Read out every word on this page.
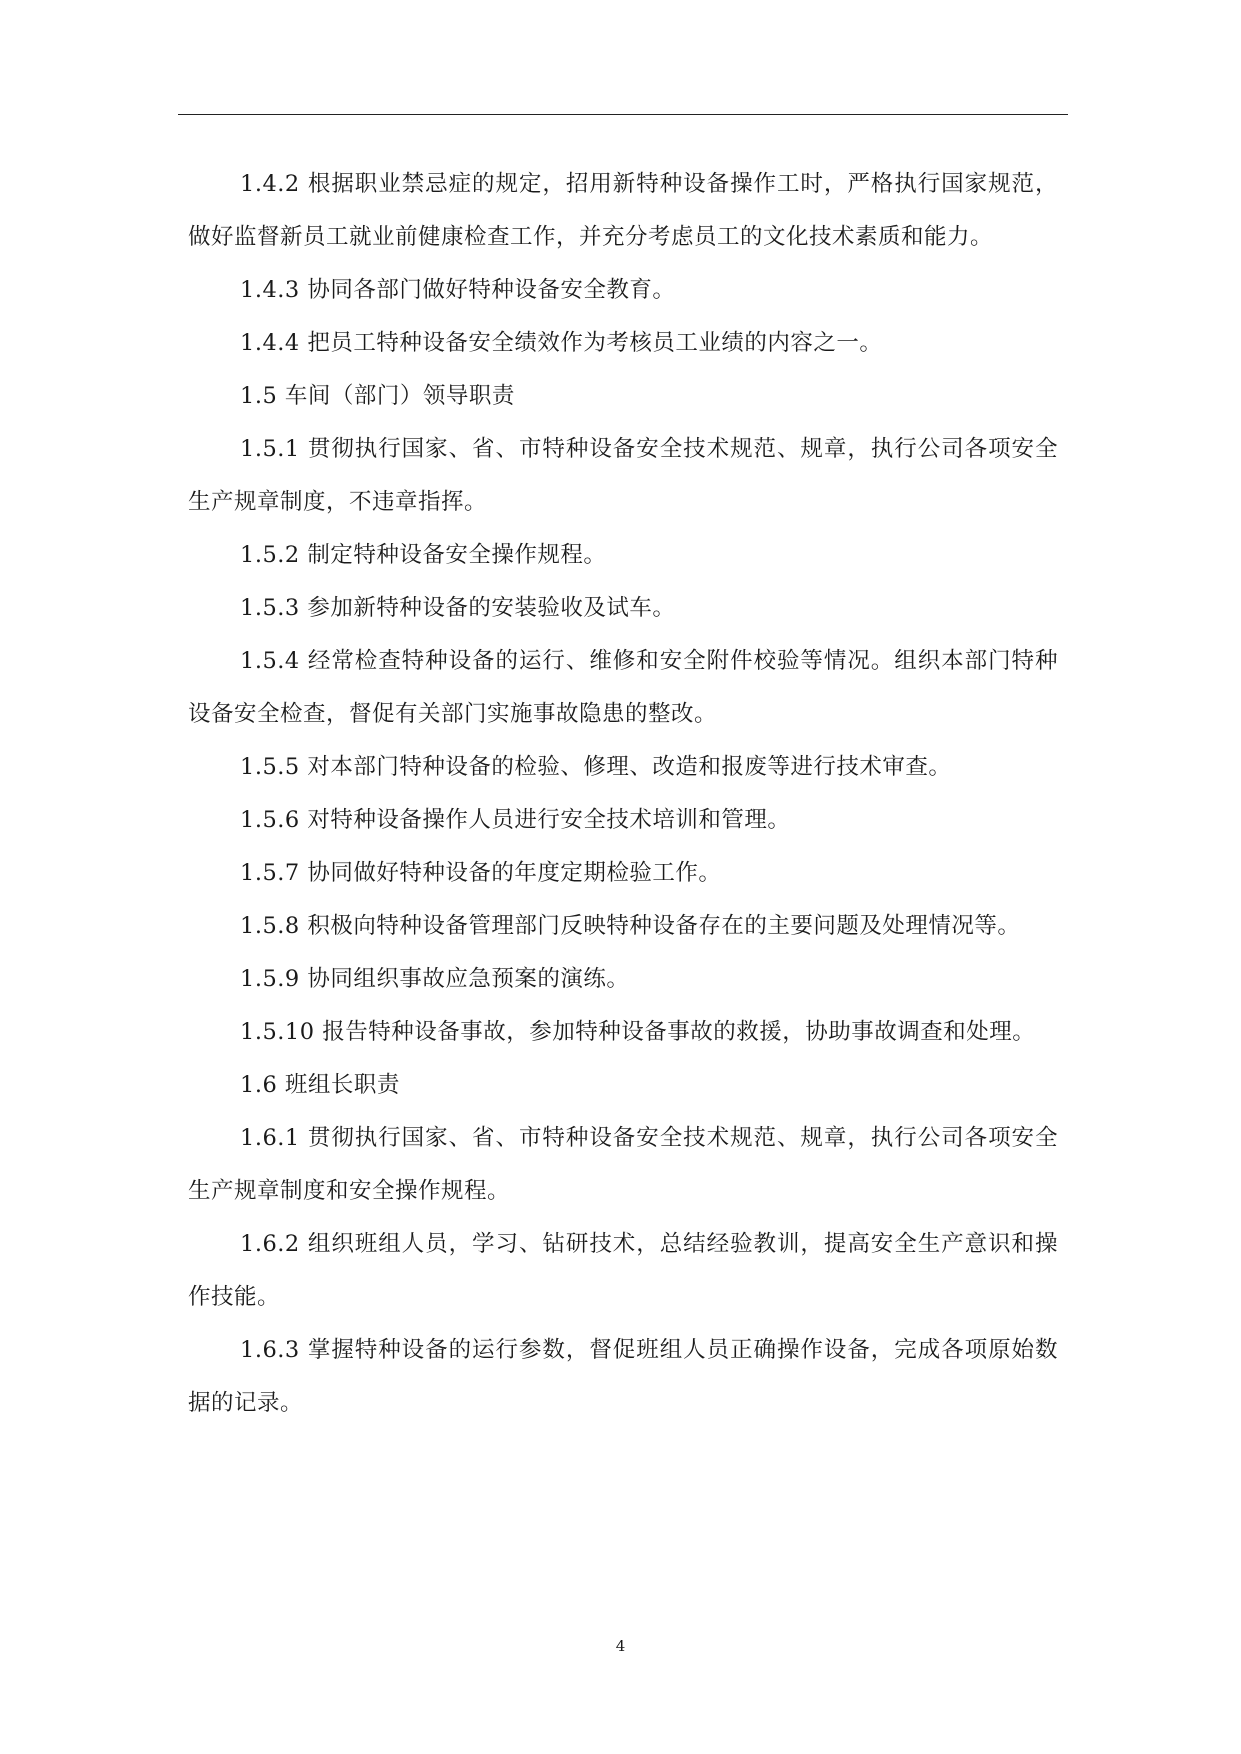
1.4.2 根据职业禁忌症的规定，招用新特种设备操作工时，严格执行国家规范，做好监督新员工就业前健康检查工作，并充分考虑员工的文化技术素质和能力。

1.4.3 协同各部门做好特种设备安全教育。

1.4.4 把员工特种设备安全绩效作为考核员工业绩的内容之一。

1.5 车间（部门）领导职责

1.5.1 贯彻执行国家、省、市特种设备安全技术规范、规章，执行公司各项安全生产规章制度，不违章指挥。

1.5.2 制定特种设备安全操作规程。

1.5.3 参加新特种设备的安装验收及试车。

1.5.4 经常检查特种设备的运行、维修和安全附件校验等情况。组织本部门特种设备安全检查，督促有关部门实施事故隐患的整改。

1.5.5 对本部门特种设备的检验、修理、改造和报废等进行技术审查。

1.5.6 对特种设备操作人员进行安全技术培训和管理。

1.5.7 协同做好特种设备的年度定期检验工作。

1.5.8 积极向特种设备管理部门反映特种设备存在的主要问题及处理情况等。

1.5.9 协同组织事故应急预案的演练。

1.5.10 报告特种设备事故，参加特种设备事故的救援，协助事故调查和处理。

1.6 班组长职责

1.6.1 贯彻执行国家、省、市特种设备安全技术规范、规章，执行公司各项安全生产规章制度和安全操作规程。

1.6.2 组织班组人员，学习、钻研技术，总结经验教训，提高安全生产意识和操作技能。

1.6.3 掌握特种设备的运行参数，督促班组人员正确操作设备，完成各项原始数据的记录。

4
